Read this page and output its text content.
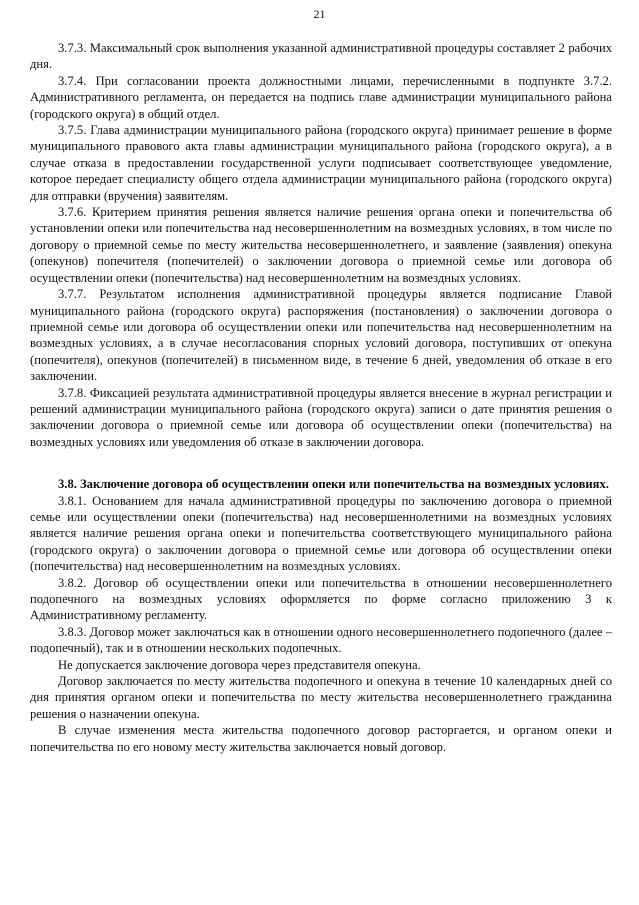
21

3.7.3. Максимальный срок выполнения указанной административной процедуры составляет 2 рабочих дня.

3.7.4. При согласовании проекта должностными лицами, перечисленными в подпункте 3.7.2. Административного регламента, он передается на подпись главе администрации муниципального района (городского округа) в общий отдел.

3.7.5. Глава администрации муниципального района (городского округа) принимает решение в форме муниципального правового акта главы администрации муниципального района (городского округа), а в случае отказа в предоставлении государственной услуги подписывает соответствующее уведомление, которое передает специалисту общего отдела администрации муниципального района (городского округа) для отправки (вручения) заявителям.

3.7.6. Критерием принятия решения является наличие решения органа опеки и попечительства об установлении опеки или попечительства над несовершеннолетним на возмездных условиях, в том числе по договору о приемной семье по месту жительства несовершеннолетнего, и заявление (заявления) опекуна (опекунов) попечителя (попечителей) о заключении договора о приемной семье или договора об осуществлении опеки (попечительства) над несовершеннолетним на возмездных условиях.

3.7.7. Результатом исполнения административной процедуры является подписание Главой муниципального района (городского округа) распоряжения (постановления) о заключении договора о приемной семье или договора об осуществлении опеки или попечительства над несовершеннолетним на возмездных условиях, а в случае несогласования спорных условий договора, поступивших от опекуна (попечителя), опекунов (попечителей) в письменном виде, в течение 6 дней, уведомления об отказе в его заключении.

3.7.8. Фиксацией результата административной процедуры является внесение в журнал регистрации и решений администрации муниципального района (городского округа) записи о дате принятия решения о заключении договора о приемной семье или договора об осуществлении опеки (попечительства) на возмездных условиях или уведомления об отказе в заключении договора.

3.8. Заключение договора об осуществлении опеки или попечительства на возмездных условиях.

3.8.1. Основанием для начала административной процедуры по заключению договора о приемной семье или осуществлении опеки (попечительства) над несовершеннолетними на возмездных условиях является наличие решения органа опеки и попечительства соответствующего муниципального района (городского округа) о заключении договора о приемной семье или договора об осуществлении опеки (попечительства) над несовершеннолетним на возмездных условиях.

3.8.2. Договор об осуществлении опеки или попечительства в отношении несовершеннолетнего подопечного на возмездных условиях оформляется по форме согласно приложению 3 к Административному регламенту.

3.8.3. Договор может заключаться как в отношении одного несовершеннолетнего подопечного (далее – подопечный), так и в отношении нескольких подопечных.

Не допускается заключение договора через представителя опекуна.

Договор заключается по месту жительства подопечного и опекуна в течение 10 календарных дней со дня принятия органом опеки и попечительства по месту жительства несовершеннолетнего гражданина решения о назначении опекуна.

В случае изменения места жительства подопечного договор расторгается, и органом опеки и попечительства по его новому месту жительства заключается новый договор.
